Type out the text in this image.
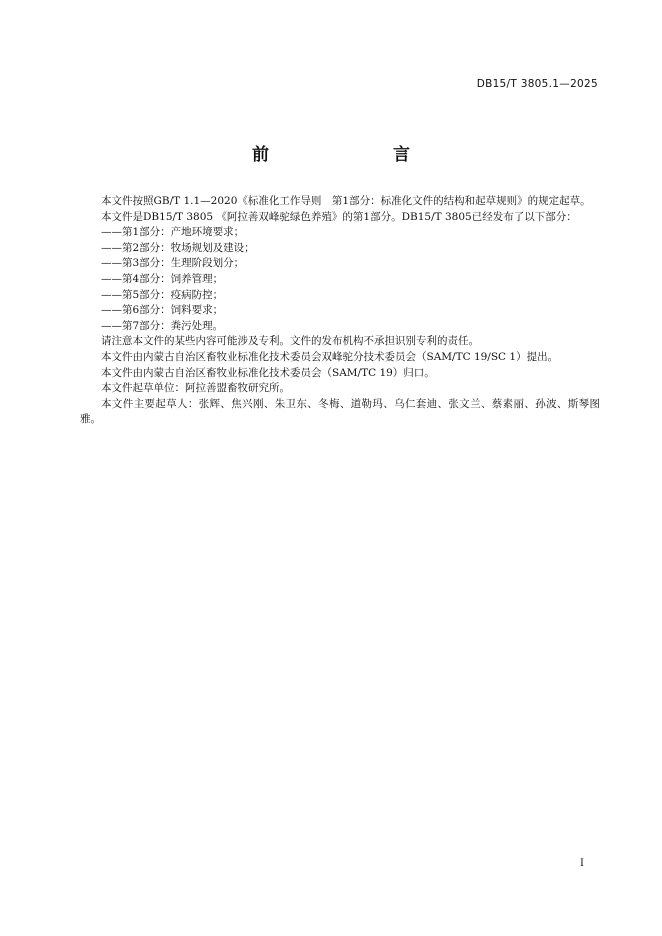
DB15/T 3805.1—2025
前　　言

本文件按照GB/T 1.1—2020《标准化工作导则　第1部分：标准化文件的结构和起草规则》的规定起草。

本文件是DB15/T 3805 《阿拉善双峰驼绿色养殖》的第1部分。DB15/T 3805已经发布了以下部分：

——第1部分：产地环境要求；
——第2部分：牧场规划及建设；
——第3部分：生理阶段划分；
——第4部分：饲养管理；
——第5部分：疫病防控；
——第6部分：饲料要求；
——第7部分：粪污处理。

请注意本文件的某些内容可能涉及专利。文件的发布机构不承担识别专利的责任。

本文件由内蒙古自治区畜牧业标准化技术委员会双峰驼分技术委员会（SAM/TC 19/SC 1）提出。

本文件由内蒙古自治区畜牧业标准化技术委员会（SAM/TC 19）归口。

本文件起草单位：阿拉善盟畜牧研究所。

本文件主要起草人：张辉、焦兴刚、朱卫东、冬梅、道勒玛、乌仁套迪、张文兰、蔡素丽、孙波、斯琴图雅。

I
